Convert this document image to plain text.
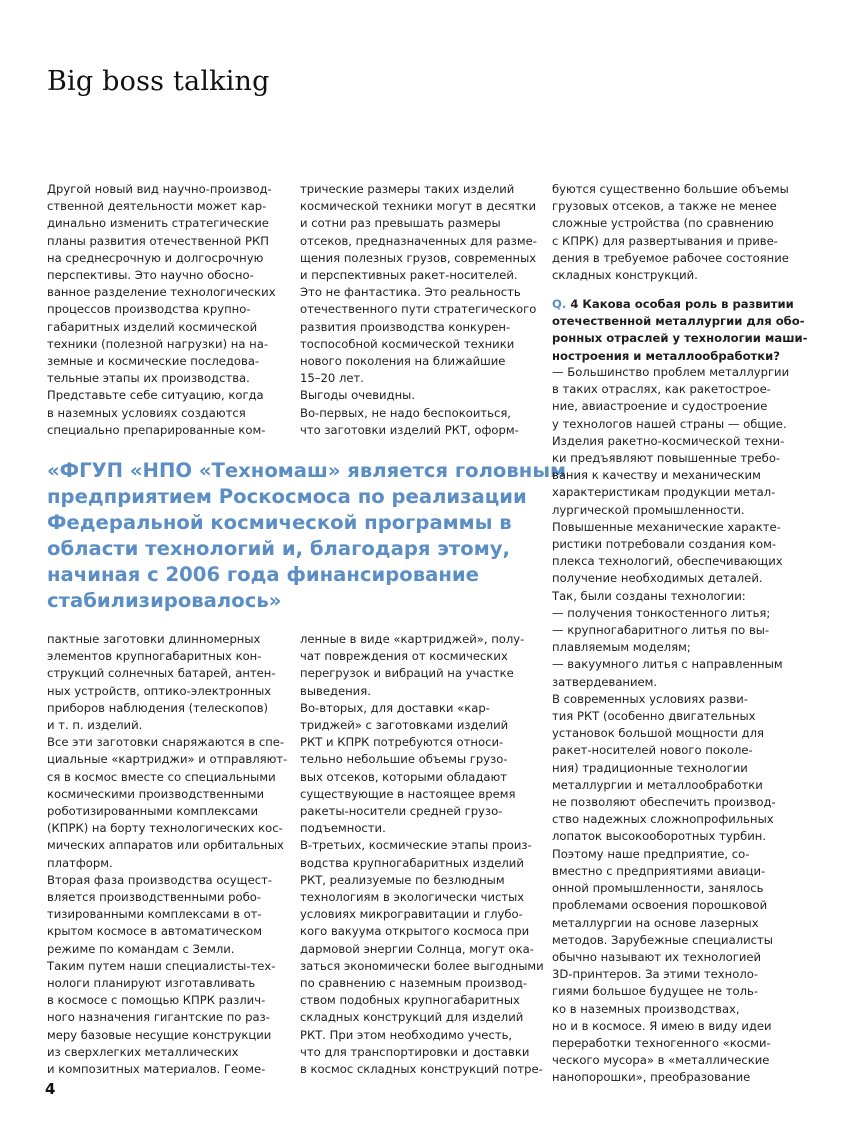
Big boss talking
Другой новый вид научно-производ-
ственной деятельности может кар-
динально изменить стратегические
планы развития отечественной РКП
на среднесрочную и долгосрочную
перспективы. Это научно обосно-
ванное разделение технологических
процессов производства крупно-
габаритных изделий космической
техники (полезной нагрузки) на на-
земные и космические последова-
тельные этапы их производства.
Представьте себе ситуацию, когда
в наземных условиях создаются
специально препарированные ком-
трические размеры таких изделий
космической техники могут в десятки
и сотни раз превышать размеры
отсеков, предназначенных для разме-
щения полезных грузов, современных
и перспективных ракет-носителей.
Это не фантастика. Это реальность
отечественного пути стратегического
развития производства конкурен-
тоспособной космической техники
нового поколения на ближайшие
15–20 лет.
Выгоды очевидны.
Во-первых, не надо беспокоиться,
что заготовки изделий РКТ, оформ-
«ФГУП «НПО «Техномаш» является головным
предприятием Роскосмоса по реализации
Федеральной космической программы в
области технологий и, благодаря этому,
начиная с 2006 года финансирование
стабилизировалось»
пактные заготовки длинномерных
элементов крупногабаритных кон-
струкций солнечных батарей, антен-
ных устройств, оптико-электронных
приборов наблюдения (телескопов)
и т. п. изделий.
Все эти заготовки снаряжаются в спе-
циальные «картриджи» и отправляют-
ся в космос вместе со специальными
космическими производственными
роботизированными комплексами
(КПРК) на борту технологических кос-
мических аппаратов или орбитальных
платформ.
Вторая фаза производства осущест-
вляется производственными робо-
тизированными комплексами в от-
крытом космосе в автоматическом
режиме по командам с Земли.
Таким путем наши специалисты-тех-
нологи планируют изготавливать
в космосе с помощью КПРК различ-
ного назначения гигантские по раз-
меру базовые несущие конструкции
из сверхлегких металлических
и композитных материалов. Геоме-
ленные в виде «картриджей», полу-
чат повреждения от космических
перегрузок и вибраций на участке
выведения.
Во-вторых, для доставки «кар-
триджей» с заготовками изделий
РКТ и КПРК потребуются относи-
тельно небольшие объемы грузо-
вых отсеков, которыми обладают
существующие в настоящее время
ракеты-носители средней грузо-
подъемности.
В-третьих, космические этапы произ-
водства крупногабаритных изделий
РКТ, реализуемые по безлюдным
технологиям в экологически чистых
условиях микрогравитации и глубо-
кого вакуума открытого космоса при
дармовой энергии Солнца, могут ока-
заться экономически более выгодными
по сравнению с наземным производ-
ством подобных крупногабаритных
складных конструкций для изделий
РКТ. При этом необходимо учесть,
что для транспортировки и доставки
в космос складных конструкций потре-
буются существенно большие объемы
грузовых отсеков, а также не менее
сложные устройства (по сравнению
с КПРК) для развертывания и приве-
дения в требуемое рабочее состояние
складных конструкций.
Q. 4 Какова особая роль в развитии
отечественной металлургии для обо-
ронных отраслей у технологии маши-
ностроения и металлообработки?
— Большинство проблем металлургии
в таких отраслях, как ракетострое-
ние, авиастроение и судостроение
у технологов нашей страны — общие.
Изделия ракетно-космической техни-
ки предъявляют повышенные требо-
вания к качеству и механическим
характеристикам продукции метал-
лургической промышленности.
Повышенные механические характе-
ристики потребовали создания ком-
плекса технологий, обеспечивающих
получение необходимых деталей.
Так, были созданы технологии:
— получения тонкостенного литья;
— крупногабаритного литья по вы-
плавляемым моделям;
— вакуумного литья с направленным
затвердеванием.
В современных условиях разви-
тия РКТ (особенно двигательных
установок большой мощности для
ракет-носителей нового поколе-
ния) традиционные технологии
металлургии и металлообработки
не позволяют обеспечить производ-
ство надежных сложнопрофильных
лопаток высокооборотных турбин.
Поэтому наше предприятие, со-
вместно с предприятиями авиаци-
онной промышленности, занялось
проблемами освоения порошковой
металлургии на основе лазерных
методов. Зарубежные специалисты
обычно называют их технологией
3D-принтеров. За этими техноло-
гиями большое будущее не толь-
ко в наземных производствах,
но и в космосе. Я имею в виду идеи
переработки техногенного «косми-
ческого мусора» в «металлические
нанопорошки», преобразование
4
